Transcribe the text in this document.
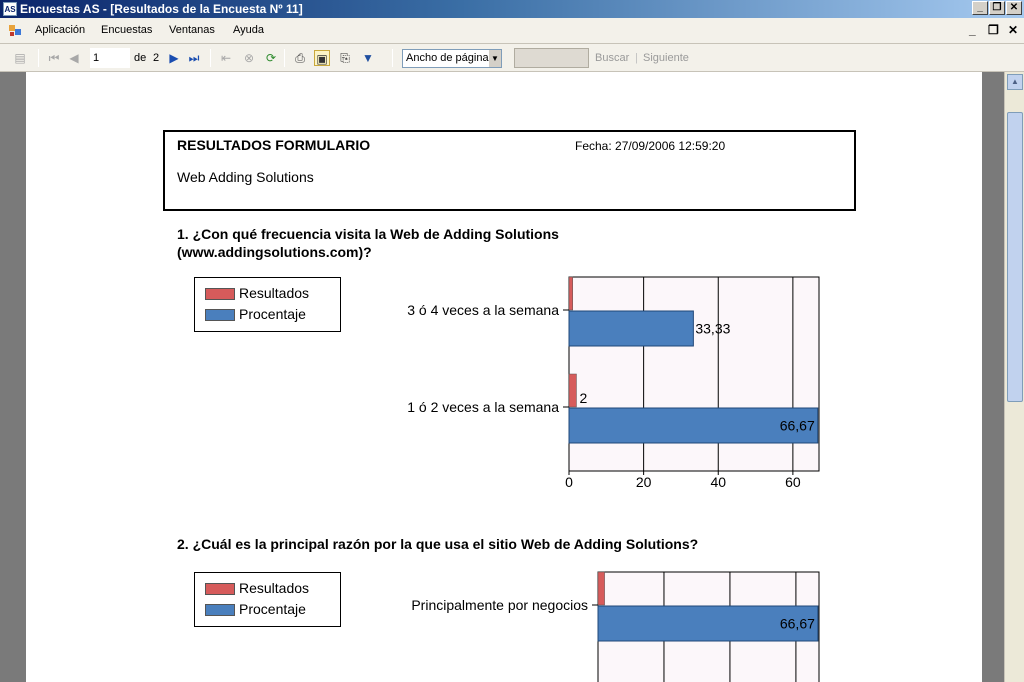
AS Encuestas AS - [Resultados de la Encuesta Nº 11]	_ ❐ ✕
Aplicación Encuestas Ventanas Ayuda	_ ❐ ✕
▤ ⏮ ◀	▶ ⏭ ⇤ ⊗ ⟳ ⎙ ▣ ⎘ ▼
1
de 2	Ancho de página ▼	Buscar | Siguiente
▲
RESULTADOS FORMULARIO	Fecha: 27/09/2006 12:59:20
Web Adding Solutions
1. ¿Con qué frecuencia visita la Web de Adding Solutions
(www.addingsolutions.com)?
Resultados
Procentaje	3 ó 4 veces a la semana
33,33
1 ó 2 veces a la semana
2
66,67
0	20	40	60
2. ¿Cuál es la principal razón por la que usa el sitio Web de Adding Solutions?
Resultados
Procentaje	Principalmente por negocios
66,67
